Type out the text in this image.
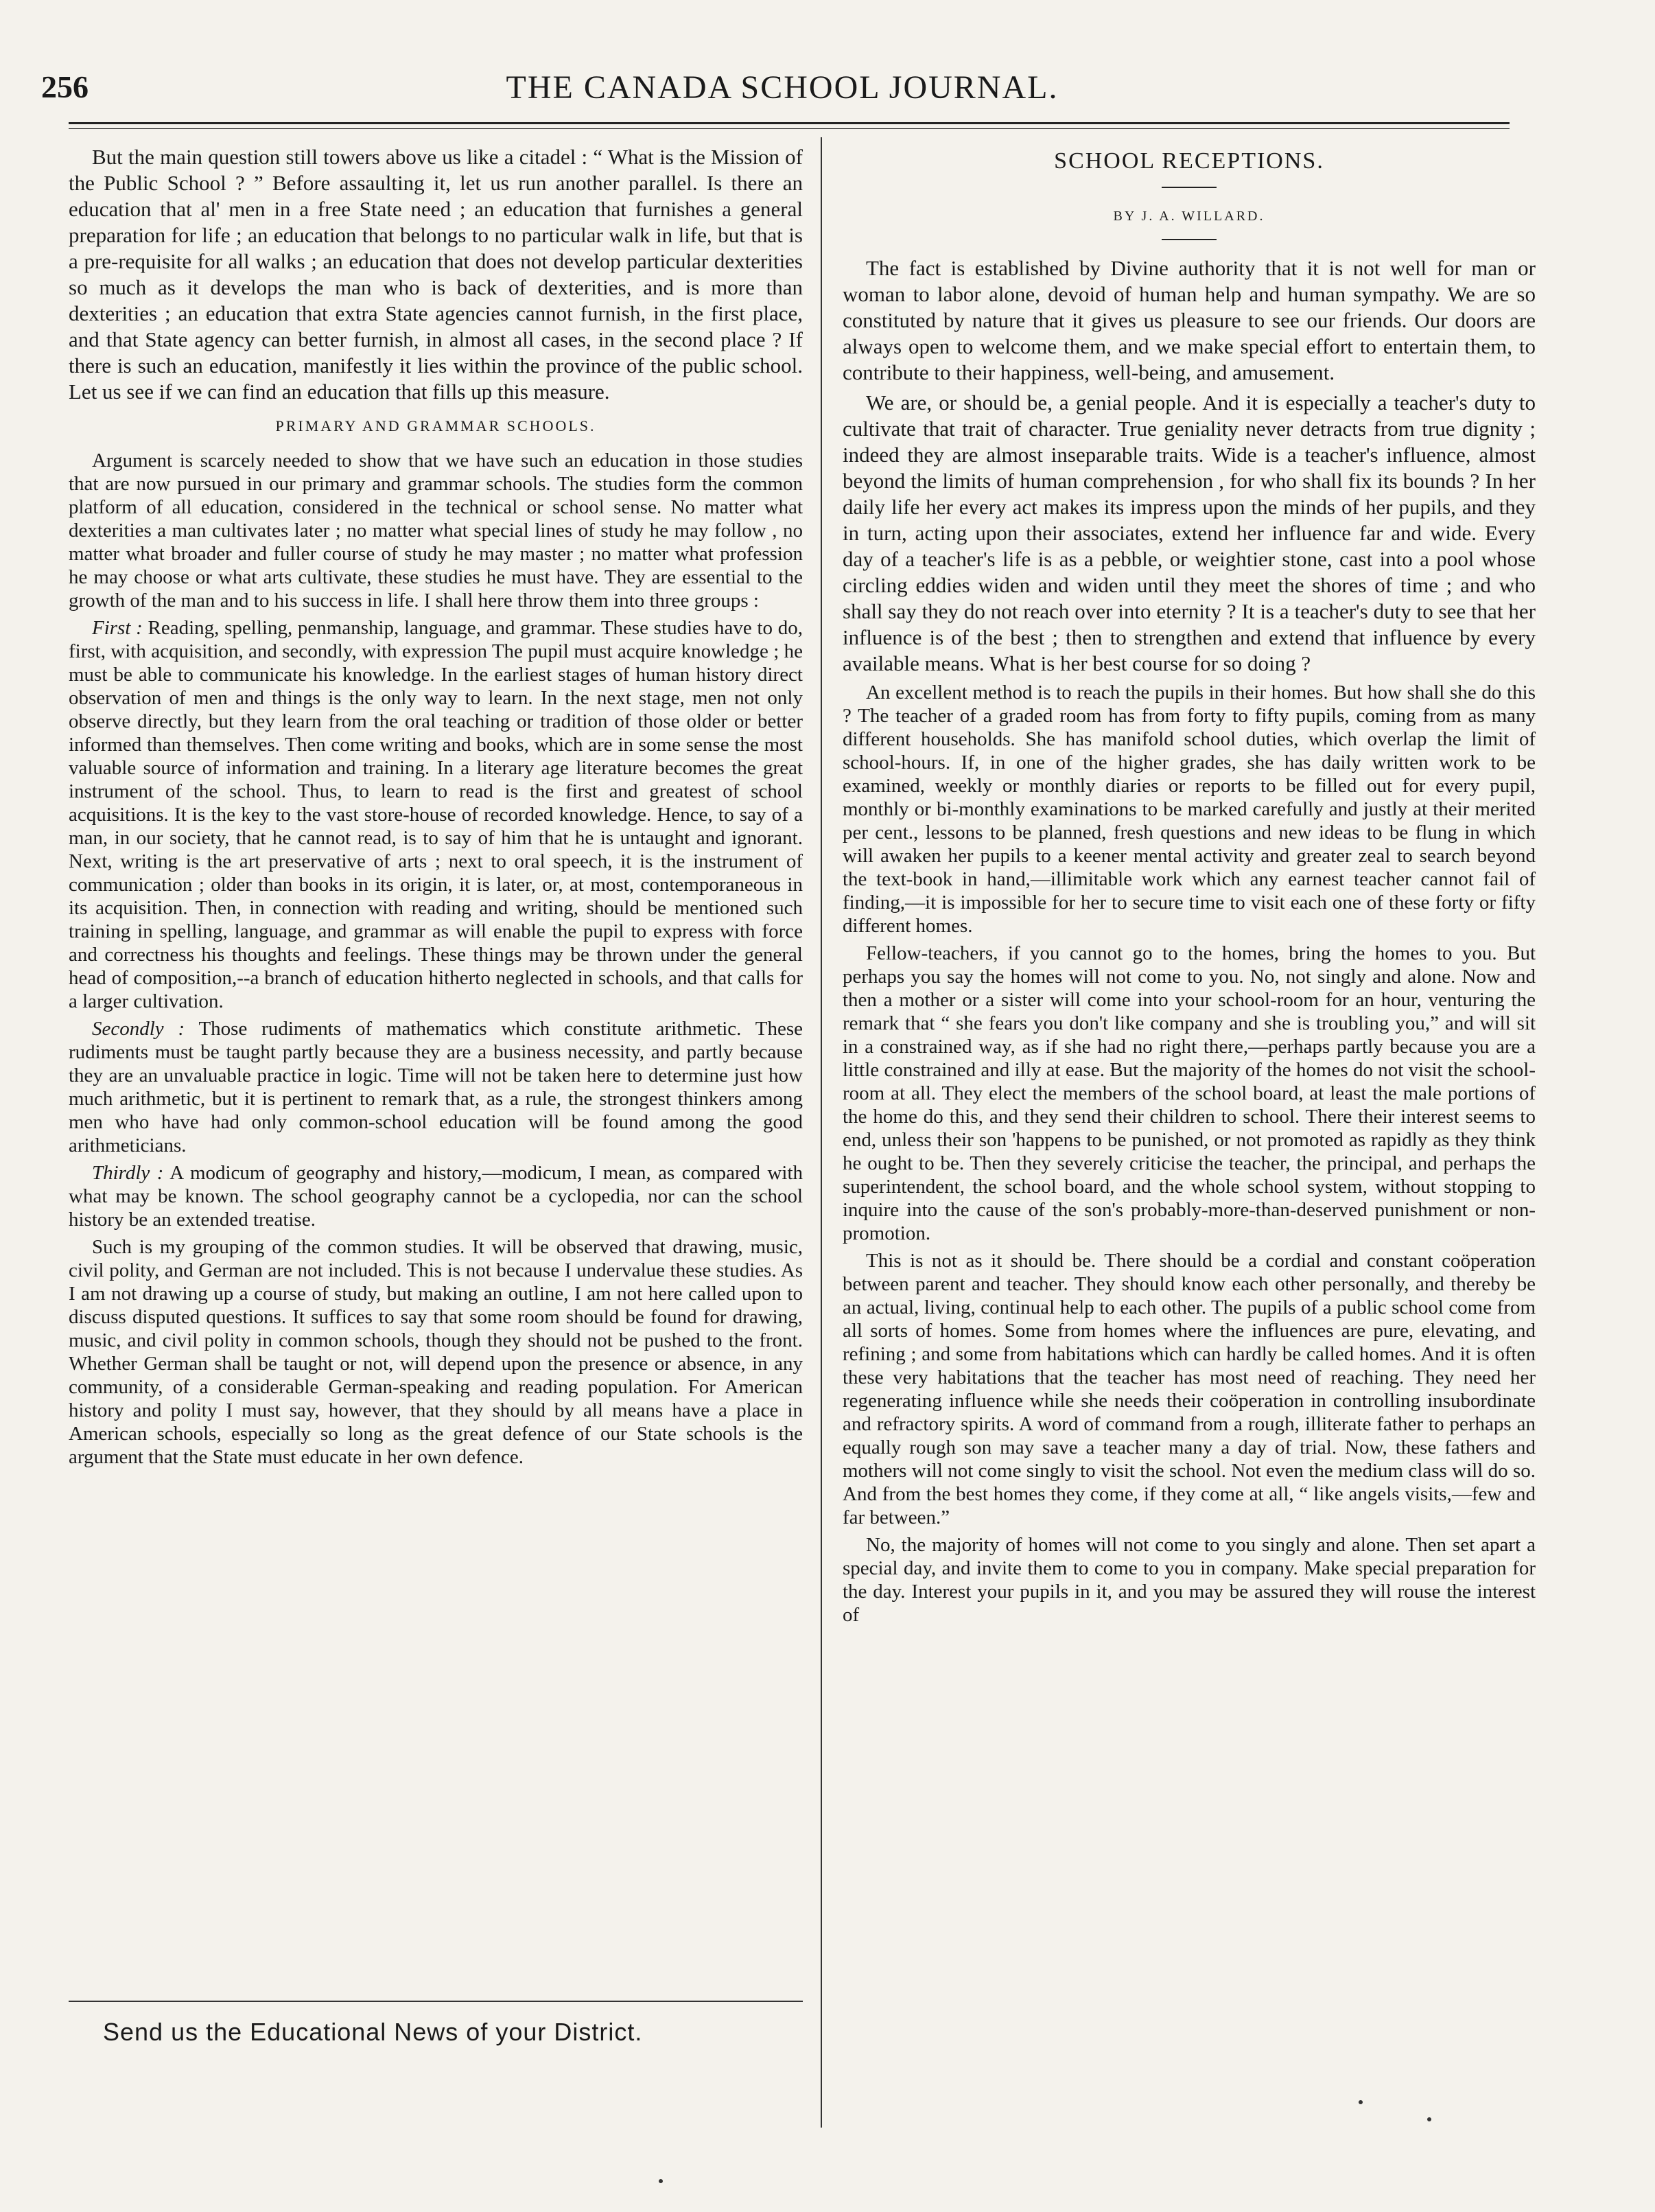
256	THE CANADA SCHOOL JOURNAL.

But the main question still towers above us like a citadel : “ What is the Mission of the Public School ? ” Before assaulting it, let us run another parallel. Is there an education that al' men in a free State need ; an education that furnishes a general preparation for life ; an education that belongs to no particular walk in life, but that is a pre-requisite for all walks ; an education that does not develop particular dexterities so much as it develops the man who is back of dexterities, and is more than dexterities ; an education that extra State agencies cannot furnish, in the first place, and that State agency can better furnish, in almost all cases, in the second place ? If there is such an education, manifestly it lies within the province of the public school. Let us see if we can find an education that fills up this measure.

PRIMARY AND GRAMMAR SCHOOLS.

Argument is scarcely needed to show that we have such an education in those studies that are now pursued in our primary and grammar schools. The studies form the common platform of all education, considered in the technical or school sense. No matter what dexterities a man cultivates later ; no matter what special lines of study he may follow , no matter what broader and fuller course of study he may master ; no matter what profession he may choose or what arts cultivate, these studies he must have. They are essential to the growth of the man and to his success in life. I shall here throw them into three groups :

First : Reading, spelling, penmanship, language, and grammar. These studies have to do, first, with acquisition, and secondly, with expression The pupil must acquire knowledge ; he must be able to communicate his knowledge. In the earliest stages of human history direct observation of men and things is the only way to learn. In the next stage, men not only observe directly, but they learn from the oral teaching or tradition of those older or better informed than themselves. Then come writing and books, which are in some sense the most valuable source of information and training. In a literary age literature becomes the great instrument of the school. Thus, to learn to read is the first and greatest of school acquisitions. It is the key to the vast store-house of recorded knowledge. Hence, to say of a man, in our society, that he cannot read, is to say of him that he is untaught and ignorant. Next, writing is the art preservative of arts ; next to oral speech, it is the instrument of communication ; older than books in its origin, it is later, or, at most, contemporaneous in its acquisition. Then, in connection with reading and writing, should be mentioned such training in spelling, language, and grammar as will enable the pupil to express with force and correctness his thoughts and feelings. These things may be thrown under the general head of composition,--a branch of education hitherto neglected in schools, and that calls for a larger cultivation.

Secondly : Those rudiments of mathematics which constitute arithmetic. These rudiments must be taught partly because they are a business necessity, and partly because they are an unvaluable practice in logic. Time will not be taken here to determine just how much arithmetic, but it is pertinent to remark that, as a rule, the strongest thinkers among men who have had only common-school education will be found among the good arithmeticians.

Thirdly : A modicum of geography and history,—modicum, I mean, as compared with what may be known. The school geography cannot be a cyclopedia, nor can the school history be an extended treatise.

Such is my grouping of the common studies. It will be observed that drawing, music, civil polity, and German are not included. This is not because I undervalue these studies. As I am not drawing up a course of study, but making an outline, I am not here called upon to discuss disputed questions. It suffices to say that some room should be found for drawing, music, and civil polity in common schools, though they should not be pushed to the front. Whether German shall be taught or not, will depend upon the presence or absence, in any community, of a considerable German-speaking and reading population. For American history and polity I must say, however, that they should by all means have a place in American schools, especially so long as the great defence of our State schools is the argument that the State must educate in her own defence.

Send us the Educational News of your District.
SCHOOL RECEPTIONS.
BY J. A. WILLARD.

The fact is established by Divine authority that it is not well for man or woman to labor alone, devoid of human help and human sympathy. We are so constituted by nature that it gives us pleasure to see our friends. Our doors are always open to welcome them, and we make special effort to entertain them, to contribute to their happiness, well-being, and amusement.

We are, or should be, a genial people. And it is especially a teacher's duty to cultivate that trait of character. True geniality never detracts from true dignity ; indeed they are almost inseparable traits. Wide is a teacher's influence, almost beyond the limits of human comprehension , for who shall fix its bounds ? In her daily life her every act makes its impress upon the minds of her pupils, and they in turn, acting upon their associates, extend her influence far and wide. Every day of a teacher's life is as a pebble, or weightier stone, cast into a pool whose circling eddies widen and widen until they meet the shores of time ; and who shall say they do not reach over into eternity ? It is a teacher's duty to see that her influence is of the best ; then to strengthen and extend that influence by every available means. What is her best course for so doing ?

An excellent method is to reach the pupils in their homes. But how shall she do this ? The teacher of a graded room has from forty to fifty pupils, coming from as many different households. She has manifold school duties, which overlap the limit of school-hours. If, in one of the higher grades, she has daily written work to be examined, weekly or monthly diaries or reports to be filled out for every pupil, monthly or bi-monthly examinations to be marked carefully and justly at their merited per cent., lessons to be planned, fresh questions and new ideas to be flung in which will awaken her pupils to a keener mental activity and greater zeal to search beyond the text-book in hand,—illimitable work which any earnest teacher cannot fail of finding,—it is impossible for her to secure time to visit each one of these forty or fifty different homes.

Fellow-teachers, if you cannot go to the homes, bring the homes to you. But perhaps you say the homes will not come to you. No, not singly and alone. Now and then a mother or a sister will come into your school-room for an hour, venturing the remark that “ she fears you don't like company and she is troubling you,” and will sit in a constrained way, as if she had no right there,—perhaps partly because you are a little constrained and illy at ease. But the majority of the homes do not visit the school-room at all. They elect the members of the school board, at least the male portions of the home do this, and they send their children to school. There their interest seems to end, unless their son 'happens to be punished, or not promoted as rapidly as they think he ought to be. Then they severely criticise the teacher, the principal, and perhaps the superintendent, the school board, and the whole school system, without stopping to inquire into the cause of the son's probably-more-than-deserved punishment or non-promotion.

This is not as it should be. There should be a cordial and constant coöperation between parent and teacher. They should know each other personally, and thereby be an actual, living, continual help to each other. The pupils of a public school come from all sorts of homes. Some from homes where the influences are pure, elevating, and refining ; and some from habitations which can hardly be called homes. And it is often these very habitations that the teacher has most need of reaching. They need her regenerating influence while she needs their coöperation in controlling insubordinate and refractory spirits. A word of command from a rough, illiterate father to perhaps an equally rough son may save a teacher many a day of trial. Now, these fathers and mothers will not come singly to visit the school. Not even the medium class will do so. And from the best homes they come, if they come at all, “ like angels visits,—few and far between.”

No, the majority of homes will not come to you singly and alone. Then set apart a special day, and invite them to come to you in company. Make special preparation for the day. Interest your pupils in it, and you may be assured they will rouse the interest of
